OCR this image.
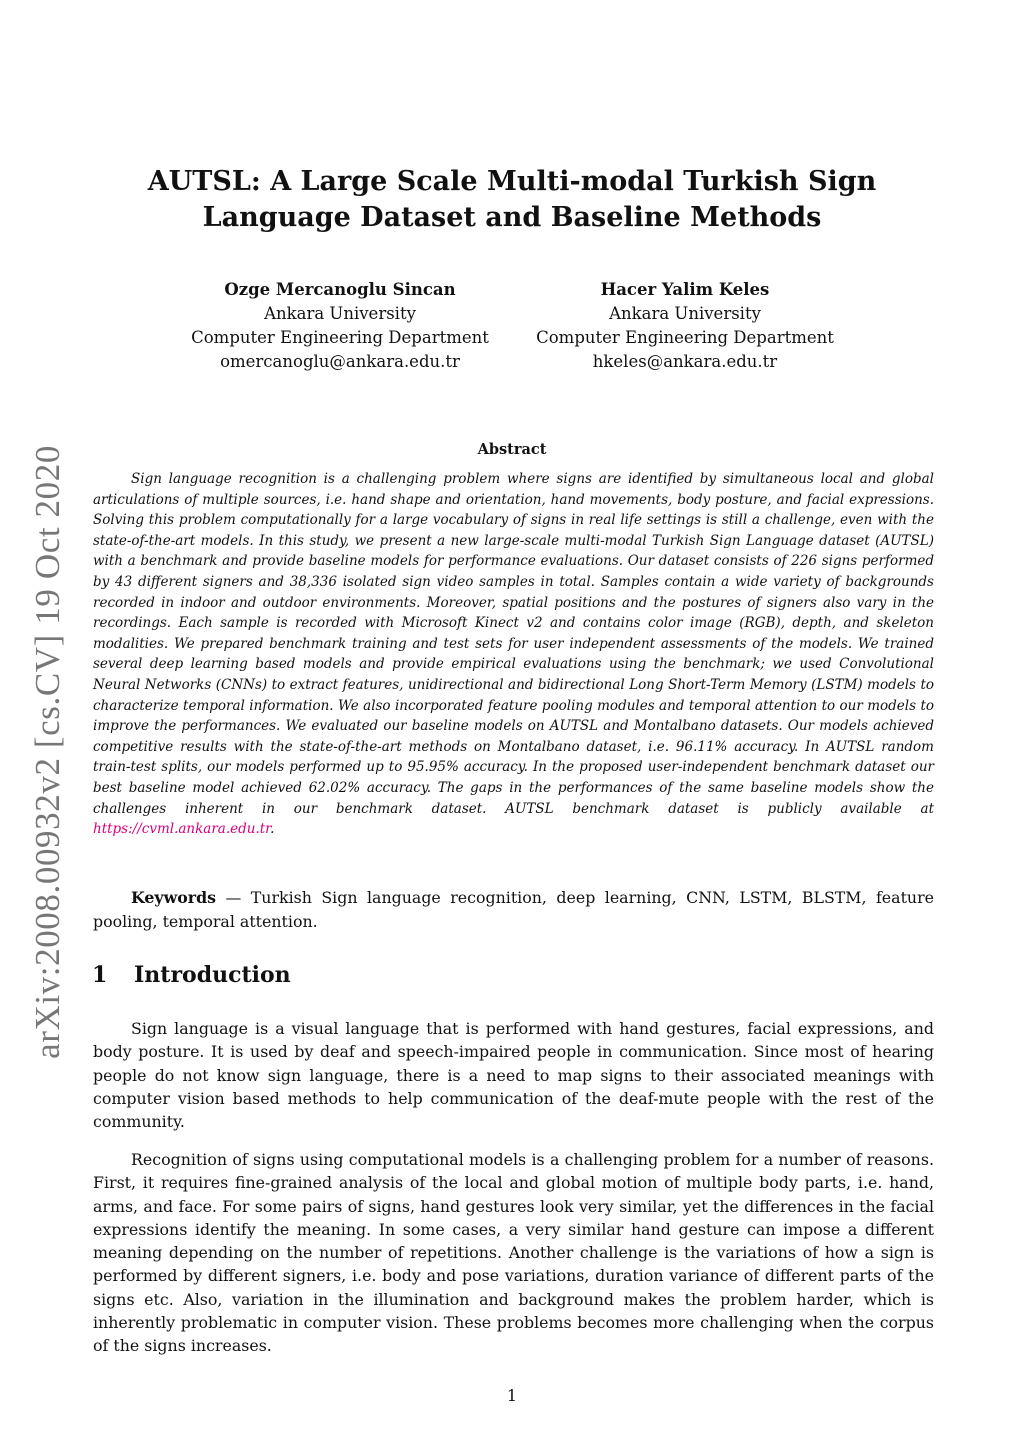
arXiv:2008.00932v2 [cs.CV] 19 Oct 2020
AUTSL: A Large Scale Multi-modal Turkish Sign
Language Dataset and Baseline Methods
Ozge Mercanoglu Sincan
Ankara University
Computer Engineering Department
omercanoglu@ankara.edu.tr
Hacer Yalim Keles
Ankara University
Computer Engineering Department
hkeles@ankara.edu.tr
Abstract
Sign language recognition is a challenging problem where signs are identified by simultaneous local and global articulations of multiple sources, i.e. hand shape and orientation, hand movements, body posture, and facial expressions. Solving this problem computationally for a large vocabulary of signs in real life settings is still a challenge, even with the state-of-the-art models. In this study, we present a new large-scale multi-modal Turkish Sign Language dataset (AUTSL) with a benchmark and provide baseline models for performance evaluations. Our dataset consists of 226 signs performed by 43 different signers and 38,336 isolated sign video samples in total. Samples contain a wide variety of backgrounds recorded in indoor and outdoor environments. Moreover, spatial positions and the postures of signers also vary in the recordings. Each sample is recorded with Microsoft Kinect v2 and contains color image (RGB), depth, and skeleton modalities. We prepared benchmark training and test sets for user independent assessments of the models. We trained several deep learning based models and provide empirical evaluations using the benchmark; we used Convolutional Neural Networks (CNNs) to extract features, unidirectional and bidirectional Long Short-Term Memory (LSTM) models to characterize temporal information. We also incorporated feature pooling modules and temporal attention to our models to improve the performances. We evaluated our baseline models on AUTSL and Montalbano datasets. Our models achieved competitive results with the state-of-the-art methods on Montalbano dataset, i.e. 96.11% accuracy. In AUTSL random train-test splits, our models performed up to 95.95% accuracy. In the proposed user-independent benchmark dataset our best baseline model achieved 62.02% accuracy. The gaps in the performances of the same baseline models show the challenges inherent in our benchmark dataset. AUTSL benchmark dataset is publicly available at https://cvml.ankara.edu.tr.
Keywords — Turkish Sign language recognition, deep learning, CNN, LSTM, BLSTM, feature pooling, temporal attention.
1 Introduction
Sign language is a visual language that is performed with hand gestures, facial expressions, and body posture. It is used by deaf and speech-impaired people in communication. Since most of hearing people do not know sign language, there is a need to map signs to their associated meanings with computer vision based methods to help communication of the deaf-mute people with the rest of the community.
Recognition of signs using computational models is a challenging problem for a number of reasons. First, it requires fine-grained analysis of the local and global motion of multiple body parts, i.e. hand, arms, and face. For some pairs of signs, hand gestures look very similar, yet the differences in the facial expressions identify the meaning. In some cases, a very similar hand gesture can impose a different meaning depending on the number of repetitions. Another challenge is the variations of how a sign is performed by different signers, i.e. body and pose variations, duration variance of different parts of the signs etc. Also, variation in the illumination and background makes the problem harder, which is inherently problematic in computer vision. These problems becomes more challenging when the corpus of the signs increases.
1
